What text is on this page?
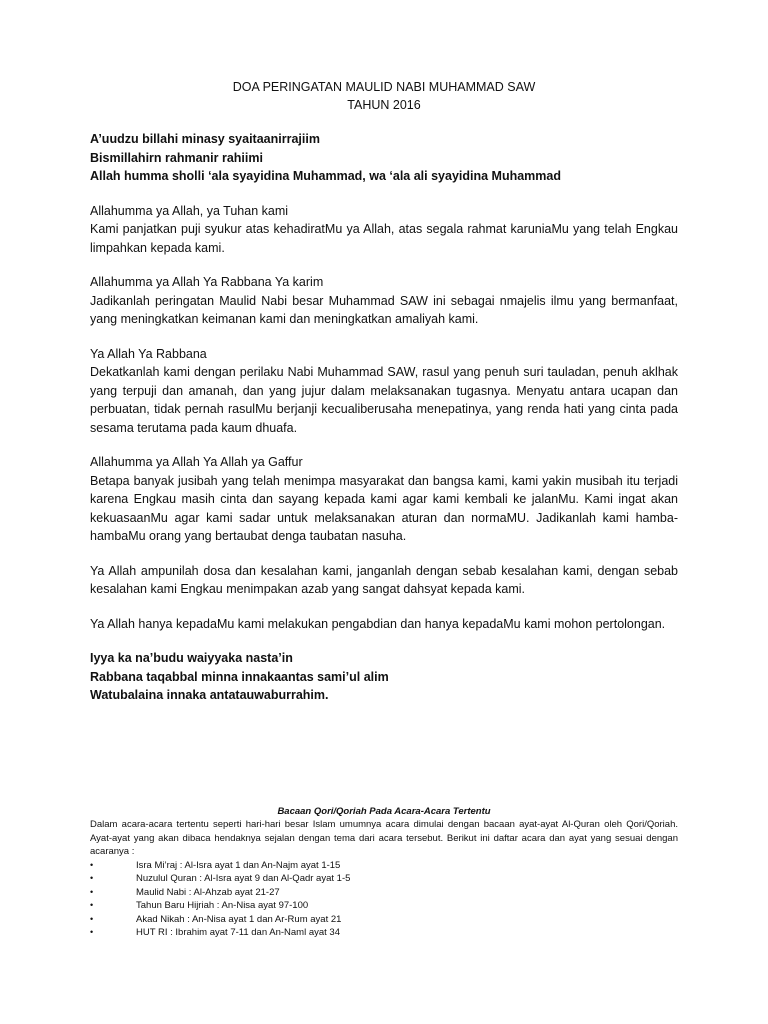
DOA PERINGATAN MAULID NABI MUHAMMAD SAW

TAHUN 2016

A’uudzu billahi minasy syaitaanirrajiim

Bismillahirn rahmanir rahiimi

Allah humma sholli ‘ala syayidina Muhammad, wa ‘ala ali syayidina Muhammad

Allahumma ya Allah, ya Tuhan kami

Kami panjatkan puji syukur atas kehadiratMu ya Allah, atas segala rahmat karuniaMu yang telah Engkau limpahkan kepada kami.

Allahumma ya Allah Ya Rabbana Ya karim

Jadikanlah peringatan Maulid Nabi besar Muhammad SAW ini sebagai nmajelis ilmu yang bermanfaat, yang meningkatkan keimanan kami dan meningkatkan amaliyah kami.

Ya Allah Ya Rabbana

Dekatkanlah kami dengan perilaku Nabi Muhammad SAW, rasul yang penuh suri tauladan, penuh aklhak yang terpuji dan amanah, dan yang jujur dalam melaksanakan tugasnya. Menyatu antara ucapan dan perbuatan, tidak pernah rasulMu berjanji kecualiberusaha menepatinya, yang renda hati yang cinta pada sesama terutama pada kaum dhuafa.

Allahumma ya Allah Ya Allah ya Gaffur

Betapa banyak jusibah yang telah menimpa masyarakat dan bangsa kami, kami yakin musibah itu terjadi karena Engkau masih cinta dan sayang kepada kami agar kami kembali ke jalanMu. Kami ingat akan kekuasaanMu agar kami sadar untuk melaksanakan aturan dan normaMU. Jadikanlah kami hamba-hambaMu orang yang bertaubat denga taubatan nasuha.

Ya Allah ampunilah dosa dan kesalahan kami, janganlah dengan sebab kesalahan kami, dengan sebab kesalahan kami Engkau menimpakan azab yang sangat dahsyat kepada kami.

Ya Allah hanya kepadaMu kami melakukan pengabdian dan hanya kepadaMu kami mohon pertolongan.

Iyya ka na’budu waiyyaka nasta’in

Rabbana taqabbal minna innakaantas sami’ul alim

Watubalaina innaka antatauwaburrahim.

Bacaan Qori/Qoriah Pada Acara-Acara Tertentu

Dalam acara-acara tertentu seperti hari-hari besar Islam umumnya acara dimulai dengan bacaan ayat-ayat Al-Quran oleh Qori/Qoriah. Ayat-ayat yang akan dibaca hendaknya sejalan dengan tema dari acara tersebut. Berikut ini daftar acara dan ayat yang sesuai dengan acaranya :

•	Isra Mi’raj : Al-Isra ayat 1 dan An-Najm ayat 1-15
•	Nuzulul Quran : Al-Isra ayat 9 dan Al-Qadr ayat 1-5
•	Maulid Nabi : Al-Ahzab ayat 21-27
•	Tahun Baru Hijriah : An-Nisa ayat 97-100
•	Akad Nikah : An-Nisa ayat 1 dan Ar-Rum ayat 21
•	HUT RI : Ibrahim ayat 7-11 dan An-Naml ayat 34
